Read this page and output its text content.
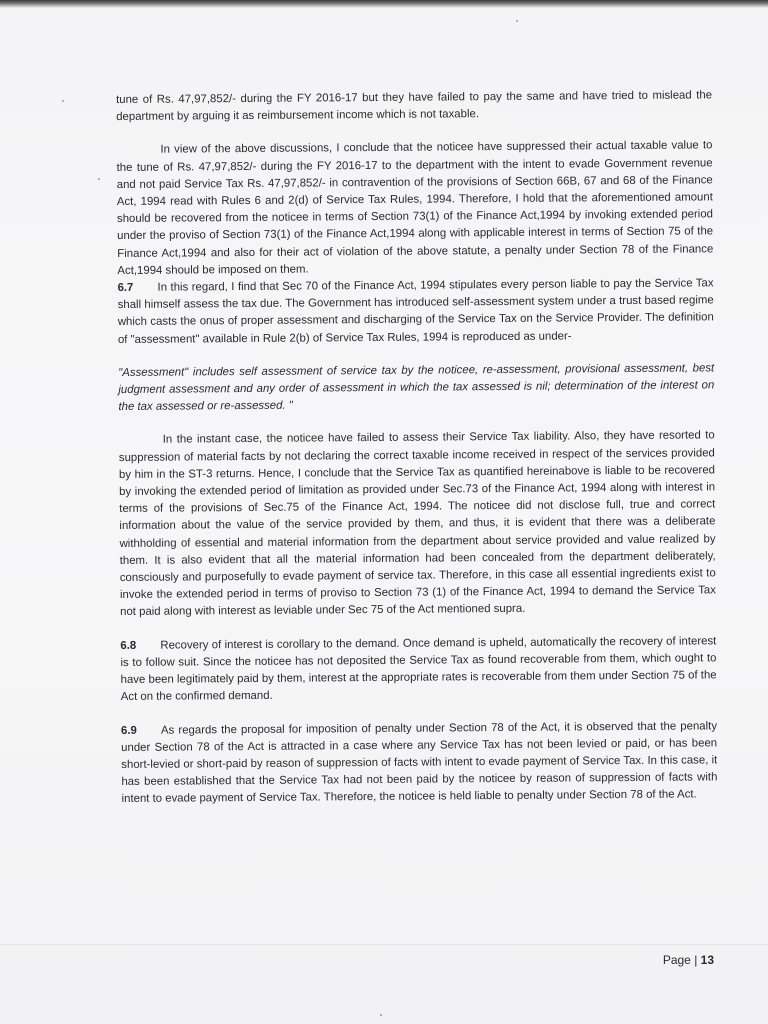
tune of Rs. 47,97,852/- during the FY 2016-17 but they have failed to pay the same and have tried to mislead the department by arguing it as reimbursement income which is not taxable.

In view of the above discussions, I conclude that the noticee have suppressed their actual taxable value to the tune of Rs. 47,97,852/- during the FY 2016-17 to the department with the intent to evade Government revenue and not paid Service Tax Rs. 47,97,852/- in contravention of the provisions of Section 66B, 67 and 68 of the Finance Act, 1994 read with Rules 6 and 2(d) of Service Tax Rules, 1994. Therefore, I hold that the aforementioned amount should be recovered from the noticee in terms of Section 73(1) of the Finance Act,1994 by invoking extended period under the proviso of Section 73(1) of the Finance Act,1994 along with applicable interest in terms of Section 75 of the Finance Act,1994 and also for their act of violation of the above statute, a penalty under Section 78 of the Finance Act,1994 should be imposed on them.

6.7 In this regard, I find that Sec 70 of the Finance Act, 1994 stipulates every person liable to pay the Service Tax shall himself assess the tax due. The Government has introduced self-assessment system under a trust based regime which casts the onus of proper assessment and discharging of the Service Tax on the Service Provider. The definition of "assessment" available in Rule 2(b) of Service Tax Rules, 1994 is reproduced as under-

"Assessment" includes self assessment of service tax by the noticee, re-assessment, provisional assessment, best judgment assessment and any order of assessment in which the tax assessed is nil; determination of the interest on the tax assessed or re-assessed. "

In the instant case, the noticee have failed to assess their Service Tax liability. Also, they have resorted to suppression of material facts by not declaring the correct taxable income received in respect of the services provided by him in the ST-3 returns. Hence, I conclude that the Service Tax as quantified hereinabove is liable to be recovered by invoking the extended period of limitation as provided under Sec.73 of the Finance Act, 1994 along with interest in terms of the provisions of Sec.75 of the Finance Act, 1994. The noticee did not disclose full, true and correct information about the value of the service provided by them, and thus, it is evident that there was a deliberate withholding of essential and material information from the department about service provided and value realized by them. It is also evident that all the material information had been concealed from the department deliberately, consciously and purposefully to evade payment of service tax. Therefore, in this case all essential ingredients exist to invoke the extended period in terms of proviso to Section 73 (1) of the Finance Act, 1994 to demand the Service Tax not paid along with interest as leviable under Sec 75 of the Act mentioned supra.

6.8 Recovery of interest is corollary to the demand. Once demand is upheld, automatically the recovery of interest is to follow suit. Since the noticee has not deposited the Service Tax as found recoverable from them, which ought to have been legitimately paid by them, interest at the appropriate rates is recoverable from them under Section 75 of the Act on the confirmed demand.

6.9 As regards the proposal for imposition of penalty under Section 78 of the Act, it is observed that the penalty under Section 78 of the Act is attracted in a case where any Service Tax has not been levied or paid, or has been short-levied or short-paid by reason of suppression of facts with intent to evade payment of Service Tax. In this case, it has been established that the Service Tax had not been paid by the noticee by reason of suppression of facts with intent to evade payment of Service Tax. Therefore, the noticee is held liable to penalty under Section 78 of the Act.

Page | 13
